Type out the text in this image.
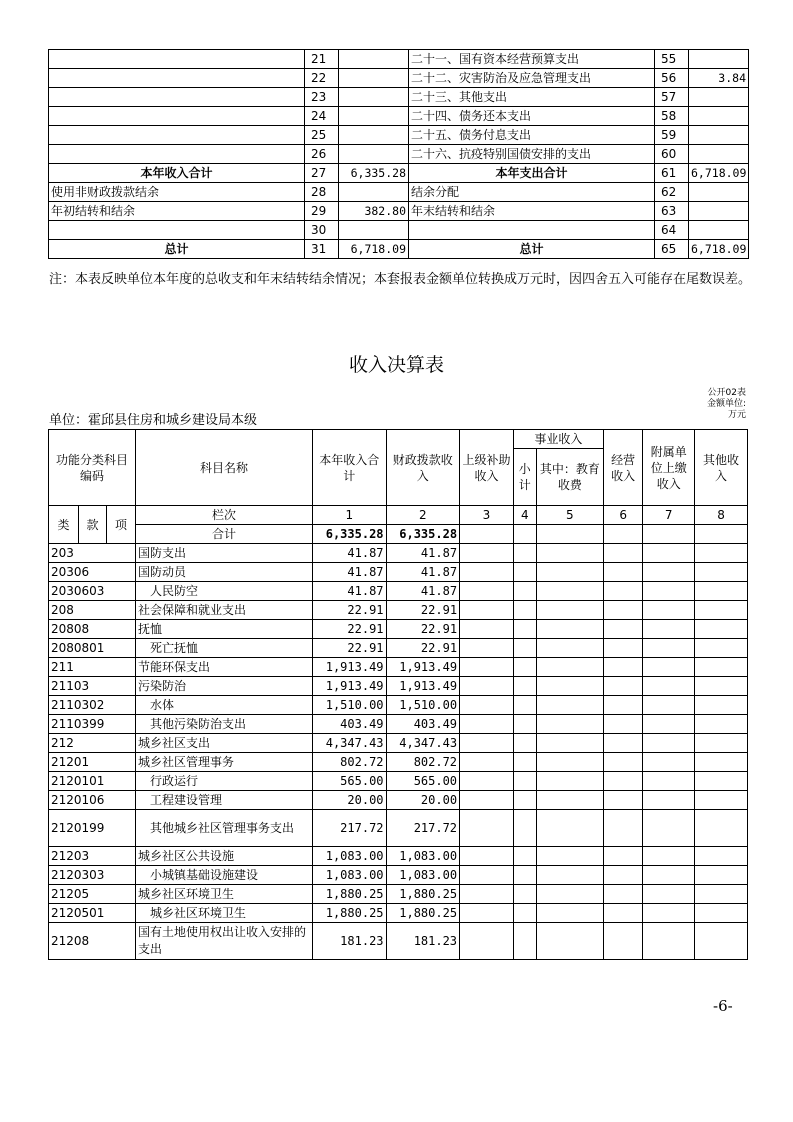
	21		二十一、国有资本经营预算支出	55	
	22		二十二、灾害防治及应急管理支出	56	3.84
	23		二十三、其他支出	57	
	24		二十四、债务还本支出	58	
	25		二十五、债务付息支出	59	
	26		二十六、抗疫特别国债安排的支出	60	
本年收入合计	27	6,335.28	本年支出合计	61	6,718.09
使用非财政拨款结余	28		结余分配	62	
年初结转和结余	29	382.80	年末结转和结余	63	
	30			64	
总计	31	6,718.09	总计	65	6,718.09
注：本表反映单位本年度的总收支和年末结转结余情况；本套报表金额单位转换成万元时，因四舍五入可能存在尾数误差。
收入决算表
公开02表
金额单位:
万元
单位：霍邱县住房和城乡建设局本级
功能分类科目编码			科目名称	本年收入合计	财政拨款收入	上级补助收入	事业收入		经营收入	附属单位上缴收入	其他收入
							小计	其中：教育收费			
类	款	项	栏次	1	2	3	4	5	6	7	8
			合计	6,335.28	6,335.28						
203			国防支出	41.87	41.87						
20306			国防动员	41.87	41.87						
2030603			人民防空	41.87	41.87						
208			社会保障和就业支出	22.91	22.91						
20808			抚恤	22.91	22.91						
2080801			死亡抚恤	22.91	22.91						
211			节能环保支出	1,913.49	1,913.49						
21103			污染防治	1,913.49	1,913.49						
2110302			水体	1,510.00	1,510.00						
2110399			其他污染防治支出	403.49	403.49						
212			城乡社区支出	4,347.43	4,347.43						
21201			城乡社区管理事务	802.72	802.72						
2120101			行政运行	565.00	565.00						
2120106			工程建设管理	20.00	20.00						
2120199			其他城乡社区管理事务支出	217.72	217.72						
21203			城乡社区公共设施	1,083.00	1,083.00						
2120303			小城镇基础设施建设	1,083.00	1,083.00						
21205			城乡社区环境卫生	1,880.25	1,880.25						
2120501			城乡社区环境卫生	1,880.25	1,880.25						
21208			国有土地使用权出让收入安排的支出	181.23	181.23						
-6-
